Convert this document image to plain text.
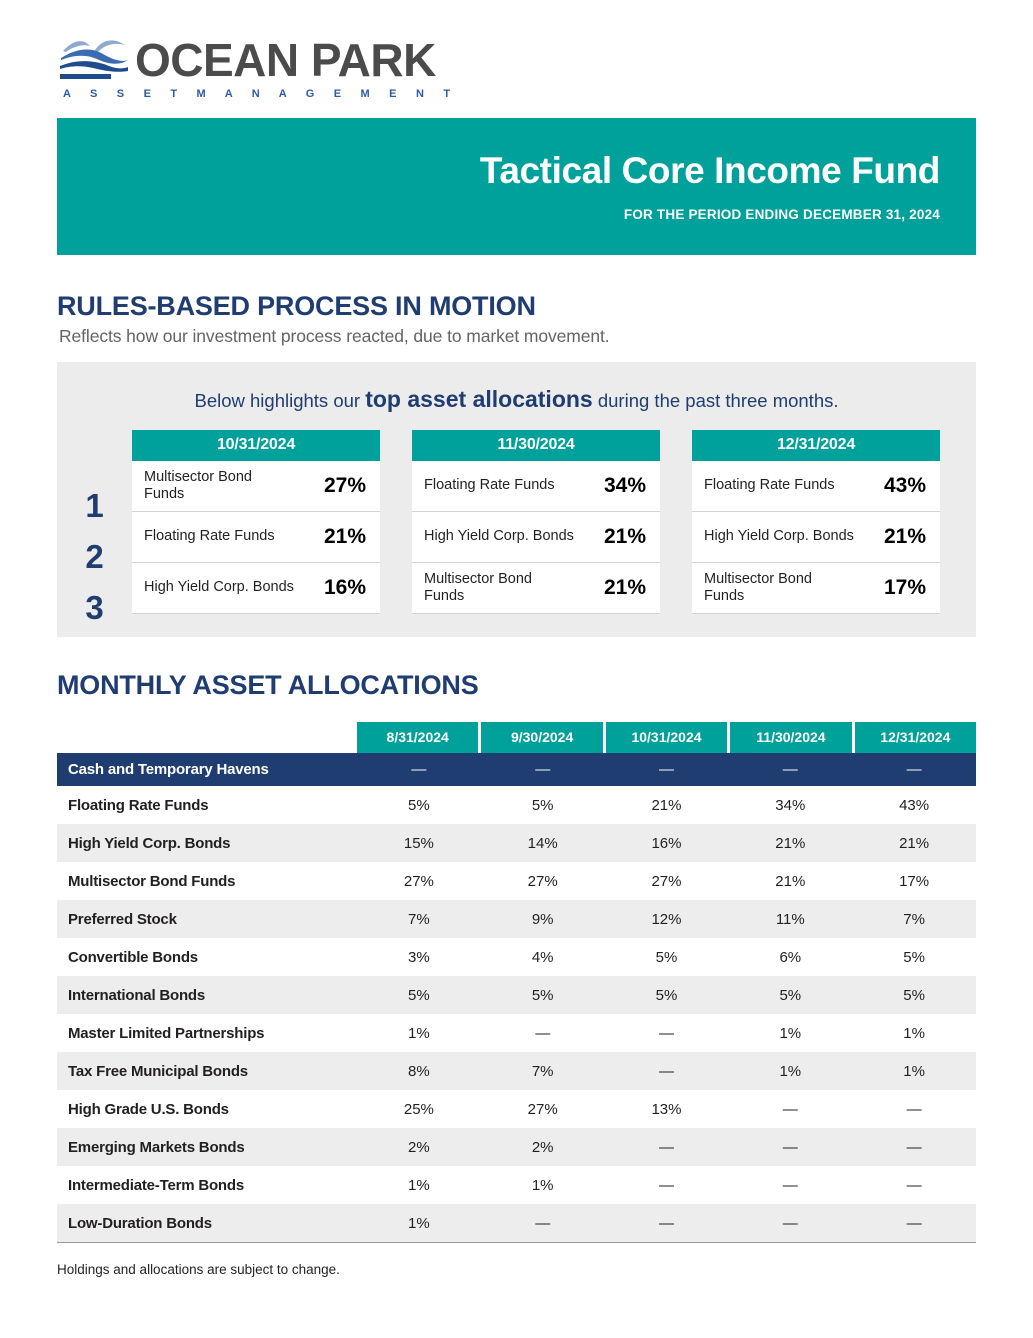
OCEAN PARK
A S S E T M A N A G E M E N T
Tactical Core Income Fund
FOR THE PERIOD ENDING DECEMBER 31, 2024
RULES-BASED PROCESS IN MOTION
Reflects how our investment process reacted, due to market movement.
Below highlights our top asset allocations during the past three months.
1
2
3
10/31/2024
Multisector Bond Funds	27%
Floating Rate Funds 21%
High Yield Corp. Bonds 16%
11/30/2024
Floating Rate Funds 34%
High Yield Corp. Bonds 21%
Multisector Bond Funds	21%
12/31/2024
Floating Rate Funds 43%
High Yield Corp. Bonds 21%
Multisector Bond Funds	17%
MONTHLY ASSET ALLOCATIONS
8/31/2024	9/30/2024	10/31/2024	11/30/2024	12/31/2024
Cash and Temporary Havens	—	—	—	—	—
Floating Rate Funds	5%	5%	21%	34%	43%
High Yield Corp. Bonds	15%	14%	16%	21%	21%
Multisector Bond Funds	27%	27%	27%	21%	17%
Preferred Stock	7%	9%	12%	11%	7%
Convertible Bonds	3%	4%	5%	6%	5%
International Bonds	5%	5%	5%	5%	5%
Master Limited Partnerships	1%	—	—	1%	1%
Tax Free Municipal Bonds	8%	7%	—	1%	1%
High Grade U.S. Bonds	25%	27%	13%	—	—
Emerging Markets Bonds	2%	2%	—	—	—
Intermediate-Term Bonds	1%	1%	—	—	—
Low-Duration Bonds	1%	—	—	—	—
Holdings and allocations are subject to change.
